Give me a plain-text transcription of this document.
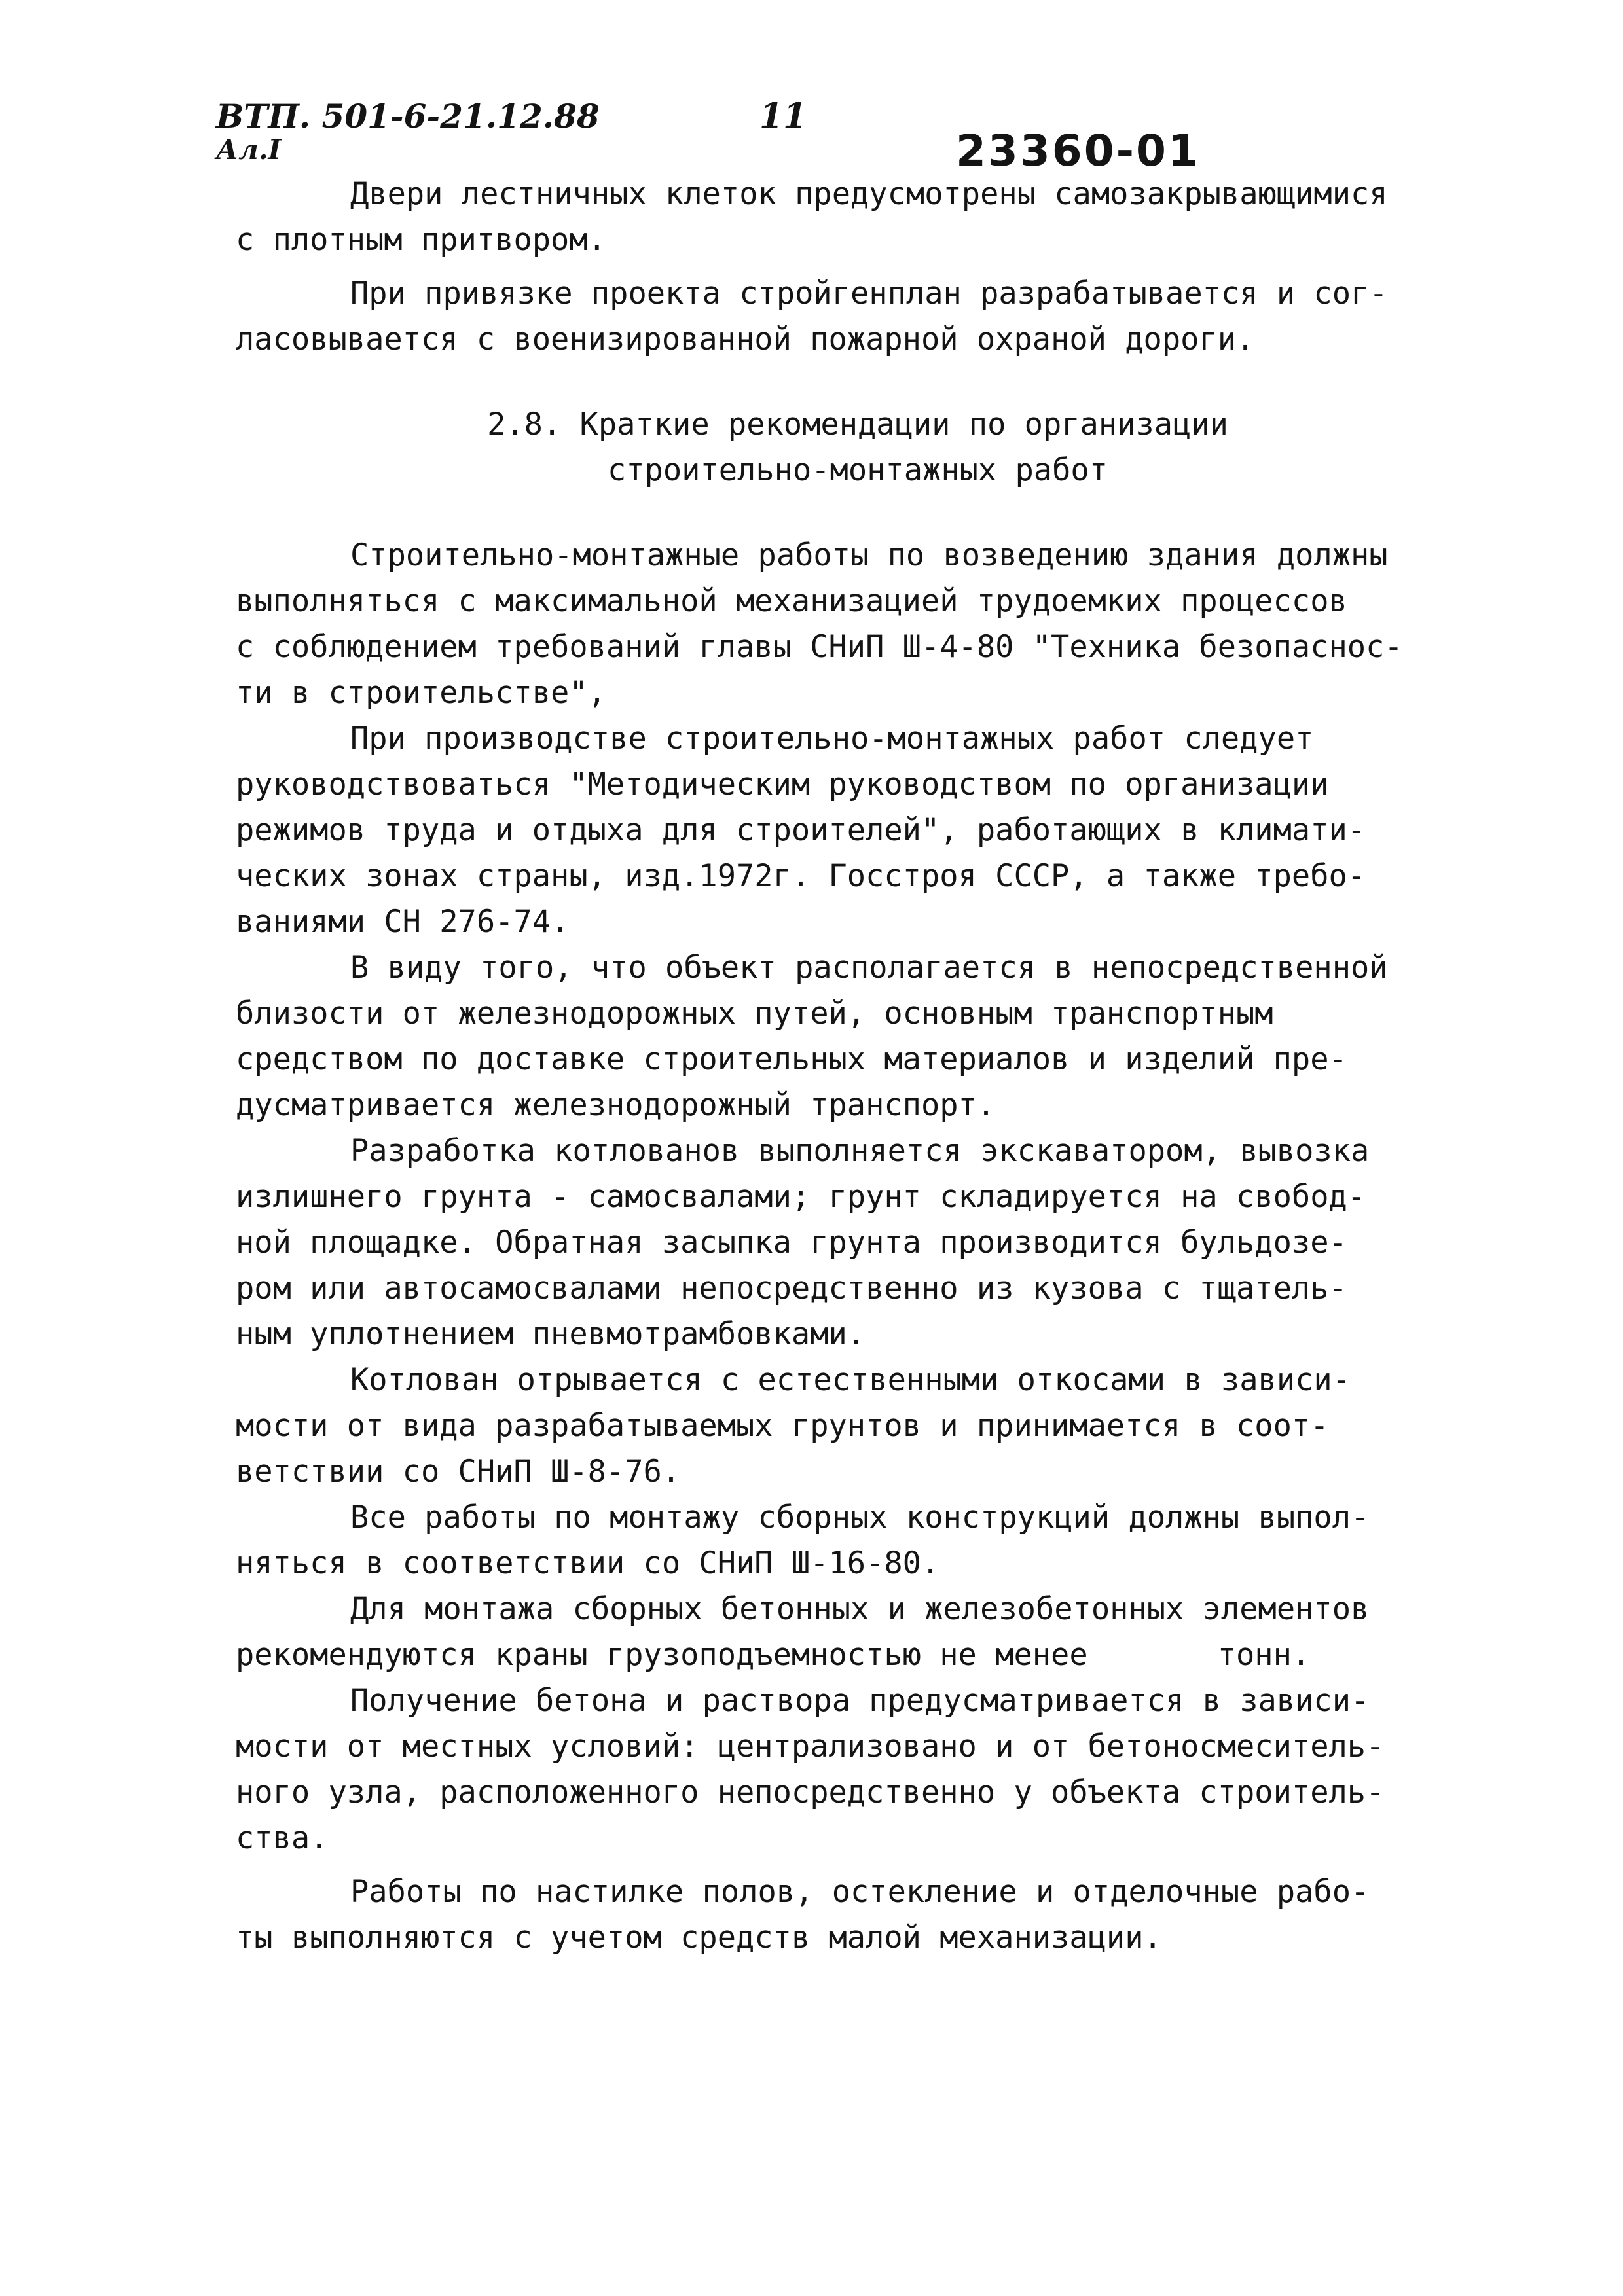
ВТП. 501-6-21.12.88
Ал.I
11
23360-01
Двери лестничных клеток предусмотрены самозакрывающимися
с плотным притвором.
При привязке проекта стройгенплан разрабатывается и сог-
ласовывается с военизированной пожарной охраной дороги.
2.8. Краткие рекомендации по организации
строительно-монтажных работ
Строительно-монтажные работы по возведению здания должны
выполняться с максимальной механизацией трудоемких процессов
с соблюдением требований главы СНиП Ш-4-80 "Техника безопаснос-
ти в строительстве",
При производстве строительно-монтажных работ следует
руководствоваться "Методическим руководством по организации
режимов труда и отдыха для строителей", работающих в климати-
ческих зонах страны, изд.1972г. Госстроя СССР, а также требо-
ваниями СН 276-74.
В виду того, что объект располагается в непосредственной
близости от железнодорожных путей, основным транспортным
средством по доставке строительных материалов и изделий пре-
дусматривается железнодорожный транспорт.
Разработка котлованов выполняется экскаватором, вывозка
излишнего грунта - самосвалами; грунт складируется на свобод-
ной площадке. Обратная засыпка грунта производится бульдозе-
ром или автосамосвалами непосредственно из кузова с тщатель-
ным уплотнением пневмотрамбовками.
Котлован отрывается с естественными откосами в зависи-
мости от вида разрабатываемых грунтов и принимается в соот-
ветствии со СНиП Ш-8-76.
Все работы по монтажу сборных конструкций должны выпол-
няться в соответствии со СНиП Ш-16-80.
Для монтажа сборных бетонных и железобетонных элементов
рекомендуются краны грузоподъемностью не менее       тонн.
Получение бетона и раствора предусматривается в зависи-
мости от местных условий: централизовано и от бетоносмеситель-
ного узла, расположенного непосредственно у объекта строитель-
ства.
Работы по настилке полов, остекление и отделочные рабо-
ты выполняются с учетом средств малой механизации.
